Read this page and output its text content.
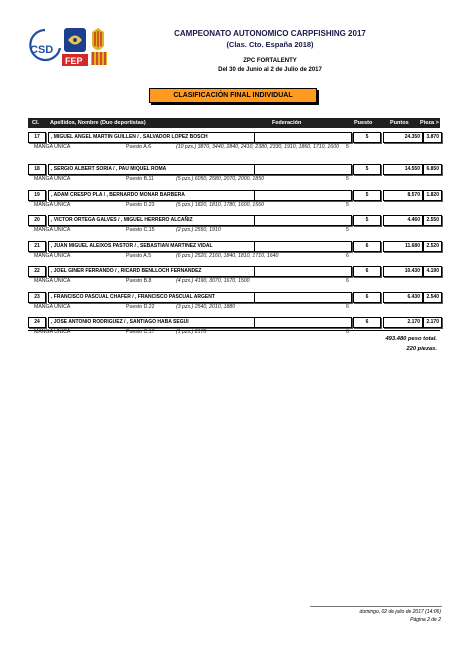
CSD
FEP
CAMPEONATO AUTONOMICO CARPFISHING 2017
(Clas. Cto. España 2018)
ZPC FORTALENTY
Del 30 de Junio al 2 de Julio de 2017
CLASIFICACIÓN FINAL INDIVIDUAL
Cl. Apellidos, Nombre (Duo deportistas)	Federación	Puesto	Puntos Pieza >
17	, MIGUEL ANGEL MARTIN GUILLEN / , SALVADOR LOPEZ BOSCH	5	24.350	3.870
MANGA UNICA	Puesto A.6	(10 pzs.) 3870, 3440, 2840, 2410, 2380, 2330, 1910, 1860, 1710, 1600	5
18	, SERGIO ALBERT SORIA / , PAU MIQUEL ROMA	5	14.550	6.850
MANGA UNICA	Puesto B.11	(5 pzs.) 6050, 2580, 2070, 2000, 1850	5
19	, ADAM CRESPO PLA / , BERNARDO MONAR BARBERA	5	8.570	1.820
MANGA UNICA	Puesto D.23	(5 pzs.) 1820, 1810, 1780, 1600, 1560	5
20	, VICTOR ORTEGA GALVES / , MIGUEL HERRERO ALCAÑIZ	5	4.460	2.550
MANGA UNICA	Puesto C.15	(2 pzs.) 2550, 1910	5
21	, JUAN MIGUEL ALEIXOS PASTOR / , SEBASTIAN MARTINEZ VIDAL	6	11.680	2.520
MANGA UNICA	Puesto A.5	(6 pzs.) 2520, 2160, 1840, 1810, 1710, 1640	6
22	, JOEL GINER FERRANDO / , RICARD BENLLOCH FERNANDEZ	6	10.430	4.190
MANGA UNICA	Puesto B.8	(4 pzs.) 4190, 3070, 1670, 1500	6
23	, FRANCISCO PASCUAL CHAFER / , FRANCISCO PASCUAL ARGENT	6	6.430	2.540
MANGA UNICA	Puesto D.22	(3 pzs.) 2540, 2010, 1880	6
24	, JOSE ANTONIO RODRIGUEZ / , SANTIAGO HABA SEGUI	6	2.170	2.170
MANGA UNICA	Puesto C.17	(1 pzs.) 2170	6
493.480 peso total.
220 piezas.
domingo, 02 de julio de 2017 (14:06)
Página 2 de 2
